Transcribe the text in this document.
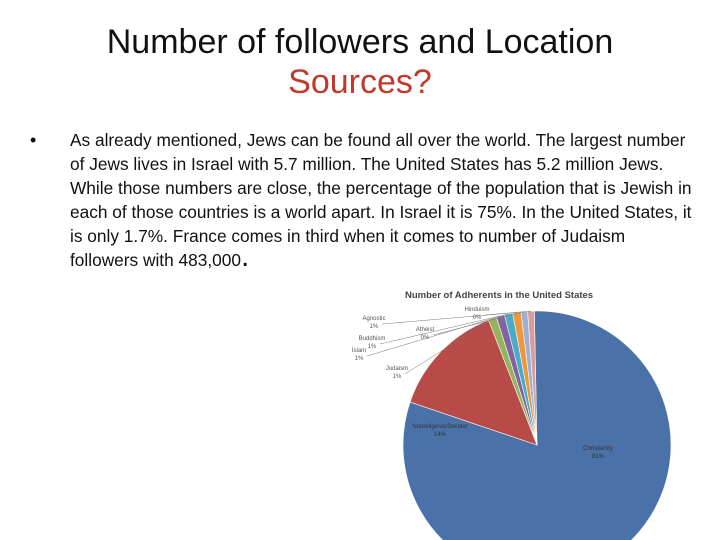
Number of followers and Location
Sources?
• As already mentioned, Jews can be found all over the world. The largest number of Jews lives in Israel with 5.7 million. The United States has 5.2 million Jews. While those numbers are close, the percentage of the population that is Jewish in each of those countries is a world apart. In Israel it is 75%. In the United States, it is only 1.7%. France comes in third when it comes to number of Judaism followers with 483,000.
Number of Adherents in the United States
Christianity 81%
Nonreligious/Secular 14%
Judaism 1%
Islam 1%
Buddhism 1%
Agnostic 1%	Atheist 0%
Hinduism 0%
